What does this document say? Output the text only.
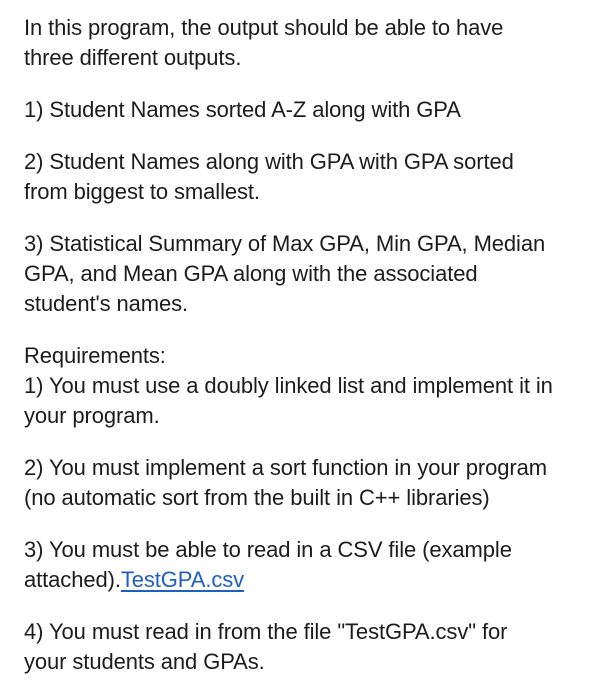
In this program, the output should be able to have
three different outputs.

1) Student Names sorted A-Z along with GPA

2) Student Names along with GPA with GPA sorted
from biggest to smallest.

3) Statistical Summary of Max GPA, Min GPA, Median
GPA, and Mean GPA along with the associated
student's names.

Requirements:
1) You must use a doubly linked list and implement it in
your program.

2) You must implement a sort function in your program
(no automatic sort from the built in C++ libraries)

3) You must be able to read in a CSV file (example
attached).TestGPA.csv

4) You must read in from the file "TestGPA.csv" for
your students and GPAs.
